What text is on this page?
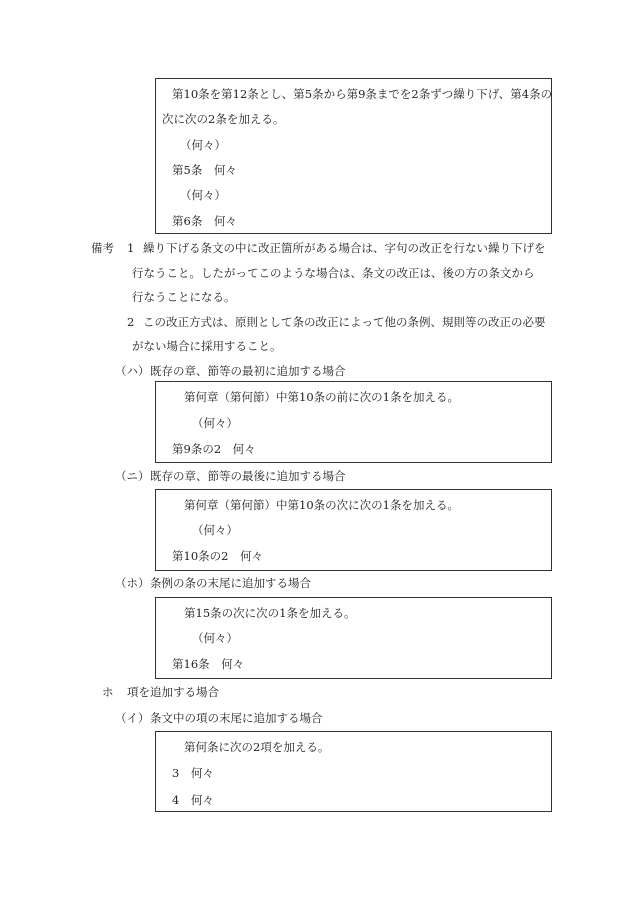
第10条を第12条とし、第5条から第9条までを2条ずつ繰り下げ、第4条の
次に次の2条を加える。
（何々）
第5条　何々
（何々）
第6条　何々
備考 1 繰り下げる条文の中に改正箇所がある場合は、字句の改正を行ない繰り下げを
行なうこと。したがってこのような場合は、条文の改正は、後の方の条文から
行なうことになる。
2 この改正方式は、原則として条の改正によって他の条例、規則等の改正の必要
がない場合に採用すること。
（ハ） 既存の章、節等の最初に追加する場合
第何章（第何節）中第10条の前に次の1条を加える。
（何々）
第9条の2　何々
（ニ） 既存の章、節等の最後に追加する場合
第何章（第何節）中第10条の次に次の1条を加える。
（何々）
第10条の2　何々
（ホ） 条例の条の末尾に追加する場合
第15条の次に次の1条を加える。
（何々）
第16条　何々
ホ 項を追加する場合
（イ） 条文中の項の末尾に追加する場合
第何条に次の2項を加える。
3　何々
4　何々
